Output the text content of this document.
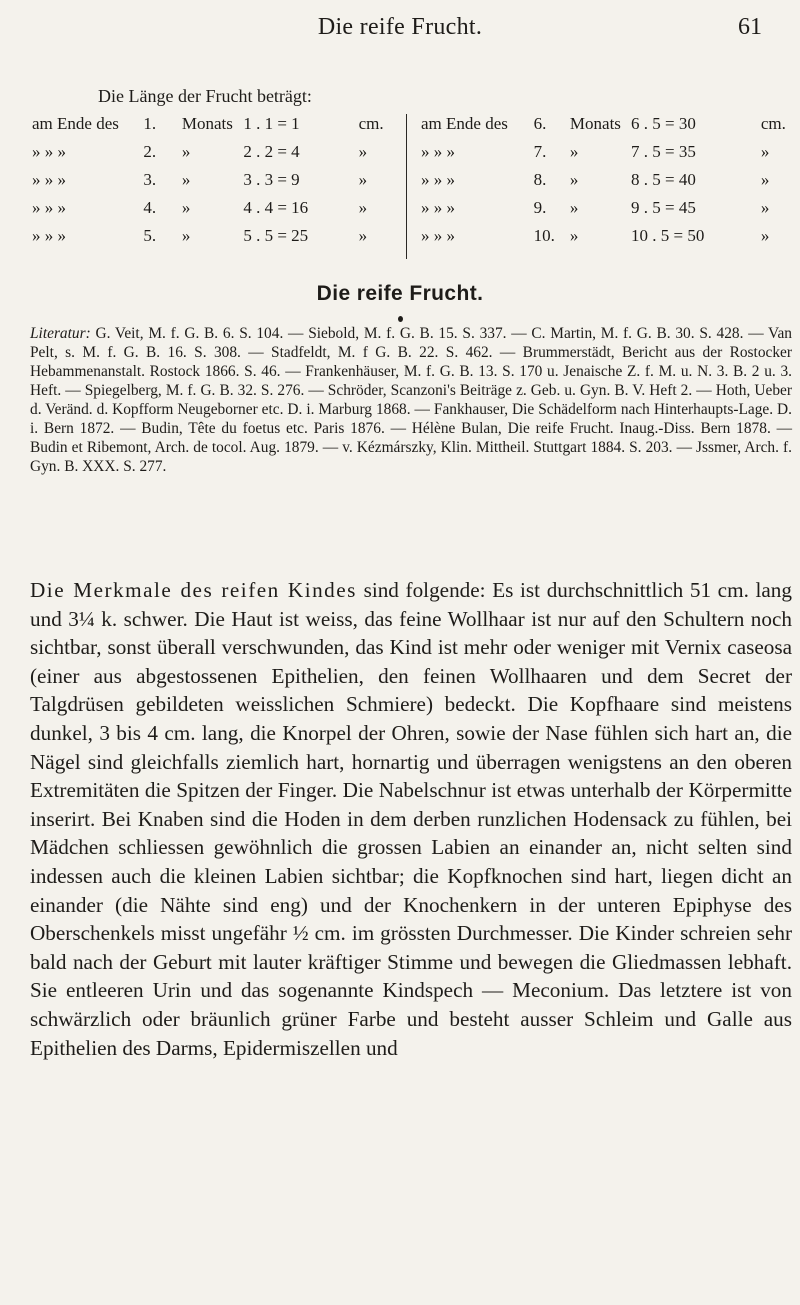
Die reife Frucht.	61
Die Länge der Frucht beträgt:
am Ende des	1.	Monats 1 . 1 = 1	cm.
» » »	2.	»	2 . 2 = 4	»
» » »	3.	»	3 . 3 = 9	»
» » »	4.	»	4 . 4 = 16	»
» » »	5.	»	5 . 5 = 25	»
am Ende des	6.	Monats 6 . 5 = 30	cm.
» » »	7.	»	7 . 5 = 35	»
» » »	8.	»	8 . 5 = 40	»
» » »	9.	»	9 . 5 = 45	»
» » »	10. »	10 . 5 = 50	»
Die reife Frucht.
Literatur: G. Veit, M. f. G. B. 6. S. 104. — Siebold, M. f. G. B. 15. S. 337. — C. Martin, M. f. G. B. 30. S. 428. — Van Pelt, s. M. f. G. B. 16. S. 308. — Stadfeldt, M. f G. B. 22. S. 462. — Brummerstädt, Bericht aus der Rostocker Hebammenanstalt. Rostock 1866. S. 46. — Frankenhäuser, M. f. G. B. 13. S. 170 u. Jenaische Z. f. M. u. N. 3. B. 2 u. 3. Heft. — Spiegelberg, M. f. G. B. 32. S. 276. — Schröder, Scanzoni's Beiträge z. Geb. u. Gyn. B. V. Heft 2. — Hoth, Ueber d. Veränd. d. Kopfform Neugeborner etc. D. i. Marburg 1868. — Fankhauser, Die Schädelform nach Hinterhaupts-Lage. D. i. Bern 1872. — Budin, Tête du foetus etc. Paris 1876. — Hélène Bulan, Die reife Frucht. Inaug.-Diss. Bern 1878. — Budin et Ribemont, Arch. de tocol. Aug. 1879. — v. Kézmárszky, Klin. Mittheil. Stuttgart 1884. S. 203. — Jssmer, Arch. f. Gyn. B. XXX. S. 277.
Die Merkmale des reifen Kindes sind folgende: Es ist durchschnittlich 51 cm. lang und 3¼ k. schwer. Die Haut ist weiss, das feine Wollhaar ist nur auf den Schultern noch sichtbar, sonst überall verschwunden, das Kind ist mehr oder weniger mit Vernix caseosa (einer aus abgestossenen Epithelien, den feinen Wollhaaren und dem Secret der Talgdrüsen gebildeten weisslichen Schmiere) bedeckt. Die Kopfhaare sind meistens dunkel, 3 bis 4 cm. lang, die Knorpel der Ohren, sowie der Nase fühlen sich hart an, die Nägel sind gleichfalls ziemlich hart, hornartig und überragen wenigstens an den oberen Extremitäten die Spitzen der Finger. Die Nabelschnur ist etwas unterhalb der Körpermitte inserirt. Bei Knaben sind die Hoden in dem derben runzlichen Hodensack zu fühlen, bei Mädchen schliessen gewöhnlich die grossen Labien an einander an, nicht selten sind indessen auch die kleinen Labien sichtbar; die Kopfknochen sind hart, liegen dicht an einander (die Nähte sind eng) und der Knochenkern in der unteren Epiphyse des Oberschenkels misst ungefähr ½ cm. im grössten Durchmesser. Die Kinder schreien sehr bald nach der Geburt mit lauter kräftiger Stimme und bewegen die Gliedmassen lebhaft. Sie entleeren Urin und das sogenannte Kindspech — Meconium. Das letztere ist von schwärzlich oder bräunlich grüner Farbe und besteht ausser Schleim und Galle aus Epithelien des Darms, Epidermiszellen und
